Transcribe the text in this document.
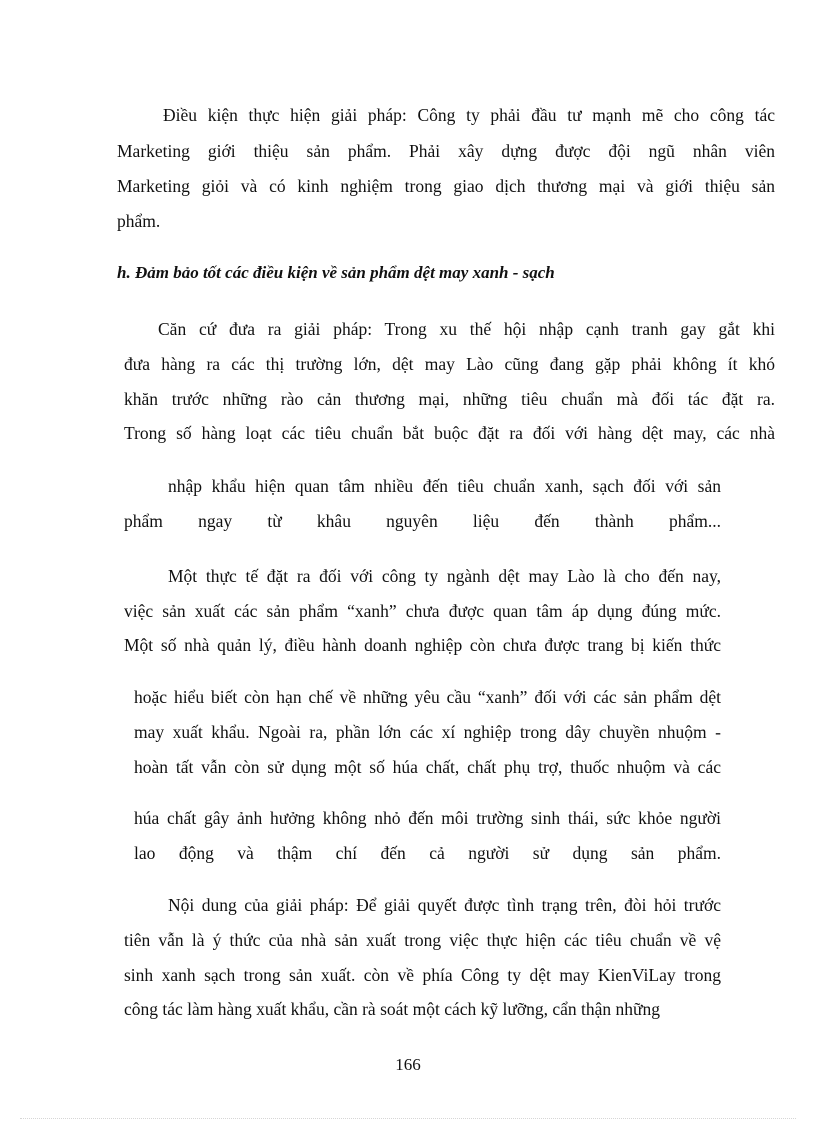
Điều kiện thực hiện giải pháp: Công ty phải đầu tư mạnh mẽ cho công tác
Marketing giới thiệu sản phẩm. Phải xây dựng được đội ngũ nhân viên
Marketing giỏi và có kinh nghiệm trong giao dịch thương mại và giới thiệu sản
phẩm.
h. Đảm bảo tốt các điều kiện về sản phẩm dệt may xanh - sạch
Căn cứ đưa ra giải pháp: Trong xu thế hội nhập cạnh tranh gay gắt khi
đưa hàng ra các thị trường lớn, dệt may Lào cũng đang gặp phải không ít khó
khăn trước những rào cản thương mại, những tiêu chuẩn mà đối tác đặt ra.
Trong số hàng loạt các tiêu chuẩn bắt buộc đặt ra đối với hàng dệt may, các nhà
nhập khẩu hiện quan tâm nhiều đến tiêu chuẩn xanh, sạch đối với sản
phẩm ngay từ khâu nguyên liệu đến thành phẩm...
Một thực tế đặt ra đối với công ty ngành dệt may Lào là cho đến nay,
việc sản xuất các sản phẩm “xanh” chưa được quan tâm áp dụng đúng mức.
Một số nhà quản lý, điều hành doanh nghiệp còn chưa được trang bị kiến thức
hoặc hiểu biết còn hạn chế về những yêu cầu “xanh” đối với các sản phẩm dệt
may xuất khẩu. Ngoài ra, phần lớn các xí nghiệp trong dây chuyền nhuộm -
hoàn tất vẫn còn sử dụng một số húa chất, chất phụ trợ, thuốc nhuộm và các
húa chất gây ảnh hưởng không nhỏ đến môi trường sinh thái, sức khỏe người
lao động và thậm chí đến cả người sử dụng sản phẩm.
Nội dung của giải pháp: Để giải quyết được tình trạng trên, đòi hỏi trước
tiên vẫn là ý thức của nhà sản xuất trong việc thực hiện các tiêu chuẩn về vệ
sinh xanh sạch trong sản xuất. còn về phía Công ty dệt may KienViLay trong
công tác làm hàng xuất khẩu, cần rà soát một cách kỹ lưỡng, cẩn thận những
166
